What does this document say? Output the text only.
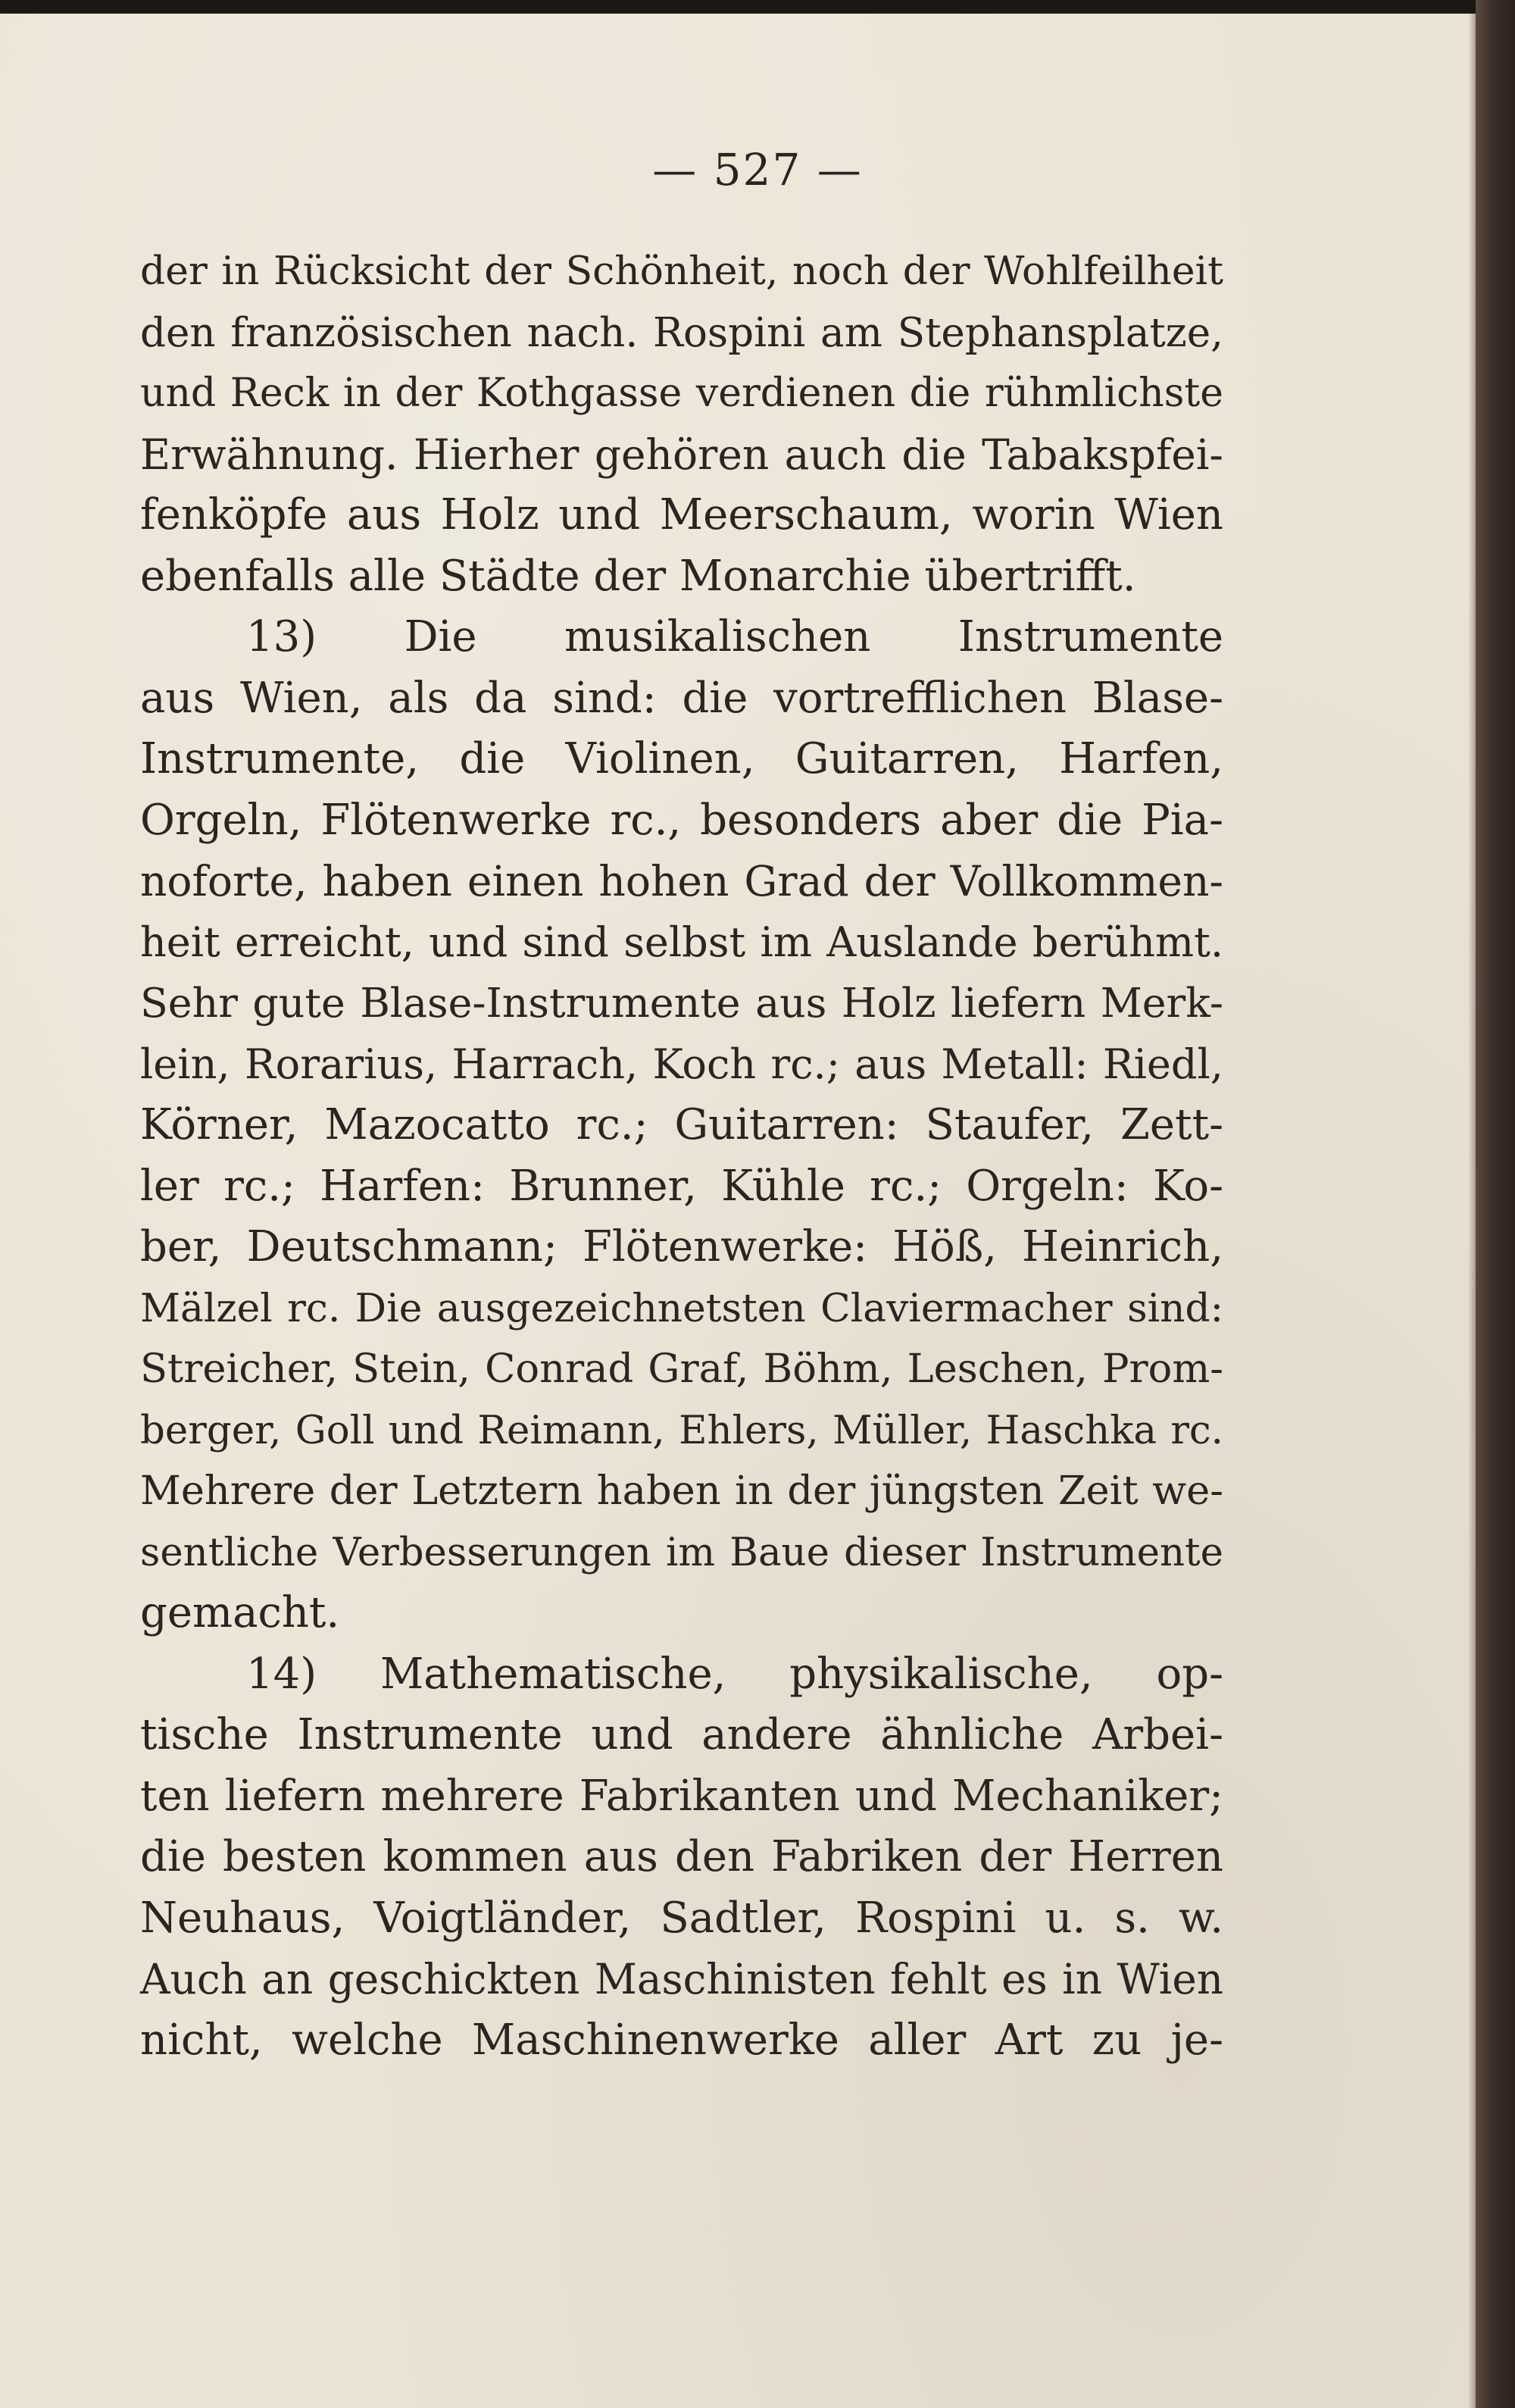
— 527 —
der in Rücksicht der Schönheit, noch der Wohlfeilheit
den französischen nach. Rospini am Stephansplatze,
und Reck in der Kothgasse verdienen die rühmlichste
Erwähnung. Hierher gehören auch die Tabakspfei-
fenköpfe aus Holz und Meerschaum, worin Wien
ebenfalls alle Städte der Monarchie übertrifft.
13) Die musikalischen Instrumente
aus Wien, als da sind: die vortrefflichen Blase-
Instrumente, die Violinen, Guitarren, Harfen,
Orgeln, Flötenwerke rc., besonders aber die Pia-
noforte, haben einen hohen Grad der Vollkommen-
heit erreicht, und sind selbst im Auslande berühmt.
Sehr gute Blase-Instrumente aus Holz liefern Merk-
lein, Rorarius, Harrach, Koch rc.; aus Metall: Riedl,
Körner, Mazocatto rc.; Guitarren: Staufer, Zett-
ler rc.; Harfen: Brunner, Kühle rc.; Orgeln: Ko-
ber, Deutschmann; Flötenwerke: Höß, Heinrich,
Mälzel rc. Die ausgezeichnetsten Claviermacher sind:
Streicher, Stein, Conrad Graf, Böhm, Leschen, Prom-
berger, Goll und Reimann, Ehlers, Müller, Haschka rc.
Mehrere der Letztern haben in der jüngsten Zeit we-
sentliche Verbesserungen im Baue dieser Instrumente
gemacht.
14) Mathematische, physikalische, op-
tische Instrumente und andere ähnliche Arbei-
ten liefern mehrere Fabrikanten und Mechaniker;
die besten kommen aus den Fabriken der Herren
Neuhaus, Voigtländer, Sadtler, Rospini u. s. w.
Auch an geschickten Maschinisten fehlt es in Wien
nicht, welche Maschinenwerke aller Art zu je-
